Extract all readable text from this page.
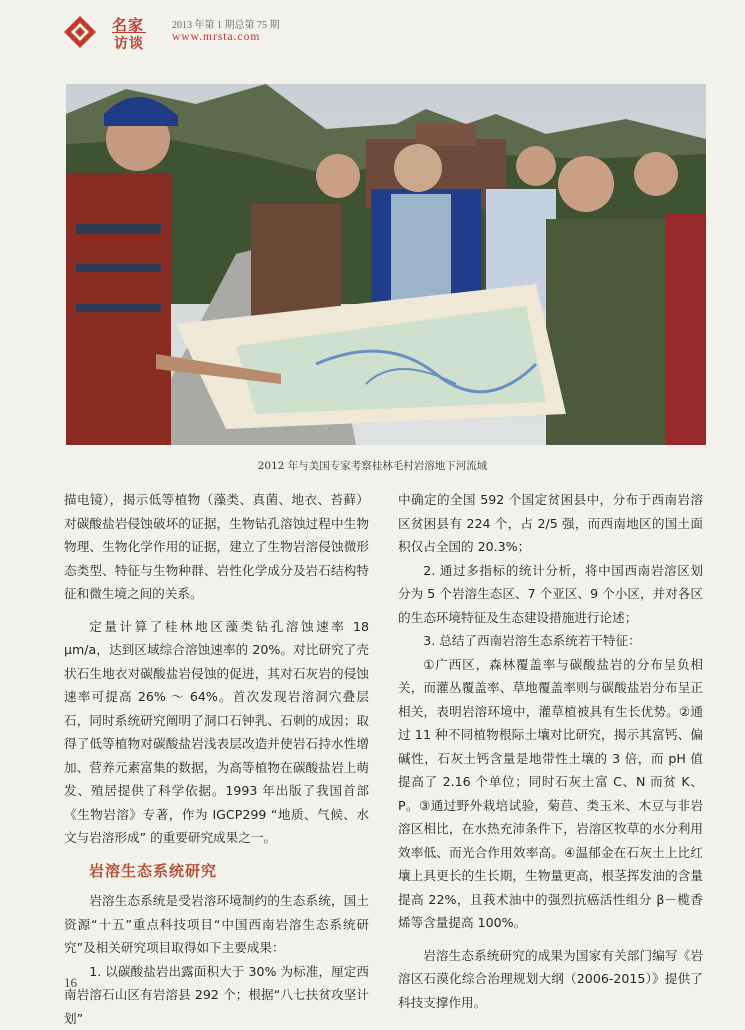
名家
访谈
2013 年第 1 期总第 75 期
www.mrsta.com
2012 年与美国专家考察桂林毛村岩溶地下河流域

描电镜），揭示低等植物（藻类、真菌、地衣、苔藓）对碳酸盐岩侵蚀破坏的证据，生物钻孔溶蚀过程中生物物理、生物化学作用的证据，建立了生物岩溶侵蚀微形态类型、特征与生物种群、岩性化学成分及岩石结构特征和微生境之间的关系。

定量计算了桂林地区藻类钻孔溶蚀速率 18 μm/a，达到区域综合溶蚀速率的 20%。对比研究了壳状石生地衣对碳酸盐岩侵蚀的促进，其对石灰岩的侵蚀速率可提高 26% ～ 64%。首次发现岩溶洞穴叠层石，同时系统研究阐明了洞口石钟乳、石刺的成因；取得了低等植物对碳酸盐岩浅表层改造并使岩石持水性增加、营养元素富集的数据，为高等植物在碳酸盐岩上萌发、殖居提供了科学依据。1993 年出版了我国首部《生物岩溶》专著，作为 IGCP299 “地质、气候、水文与岩溶形成” 的重要研究成果之一。

岩溶生态系统研究

岩溶生态系统是受岩溶环境制约的生态系统，国土资源“十五”重点科技项目“中国西南岩溶生态系统研究”及相关研究项目取得如下主要成果：

1. 以碳酸盐岩出露面积大于 30% 为标准，厘定西南岩溶石山区有岩溶县 292 个；根据“八七扶贫攻坚计划”

中确定的全国 592 个国定贫困县中，分布于西南岩溶区贫困县有 224 个，占 2/5 强，而西南地区的国土面积仅占全国的 20.3%；

2. 通过多指标的统计分析，将中国西南岩溶区划分为 5 个岩溶生态区、7 个亚区、9 个小区，并对各区的生态环境特征及生态建设措施进行论述；

3. 总结了西南岩溶生态系统若干特征：

①广西区，森林覆盖率与碳酸盐岩的分布呈负相关，而灌丛覆盖率、草地覆盖率则与碳酸盐岩分布呈正相关，表明岩溶环境中，灌草植被具有生长优势。②通过 11 种不同植物根际土壤对比研究，揭示其富钙、偏碱性，石灰土钙含量是地带性土壤的 3 倍，而 pH 值提高了 2.16 个单位；同时石灰土富 C、N 而贫 K、P。③通过野外栽培试验，菊苣、类玉米、木豆与非岩溶区相比，在水热充沛条件下，岩溶区牧草的水分利用效率低、而光合作用效率高。④温郁金在石灰土上比红壤上具更长的生长期，生物量更高，根茎挥发油的含量提高 22%，且莪术油中的强烈抗癌活性组分 β－榄香烯等含量提高 100%。

岩溶生态系统研究的成果为国家有关部门编写《岩溶区石漠化综合治理规划大纲（2006-2015）》提供了科技支撑作用。

16
